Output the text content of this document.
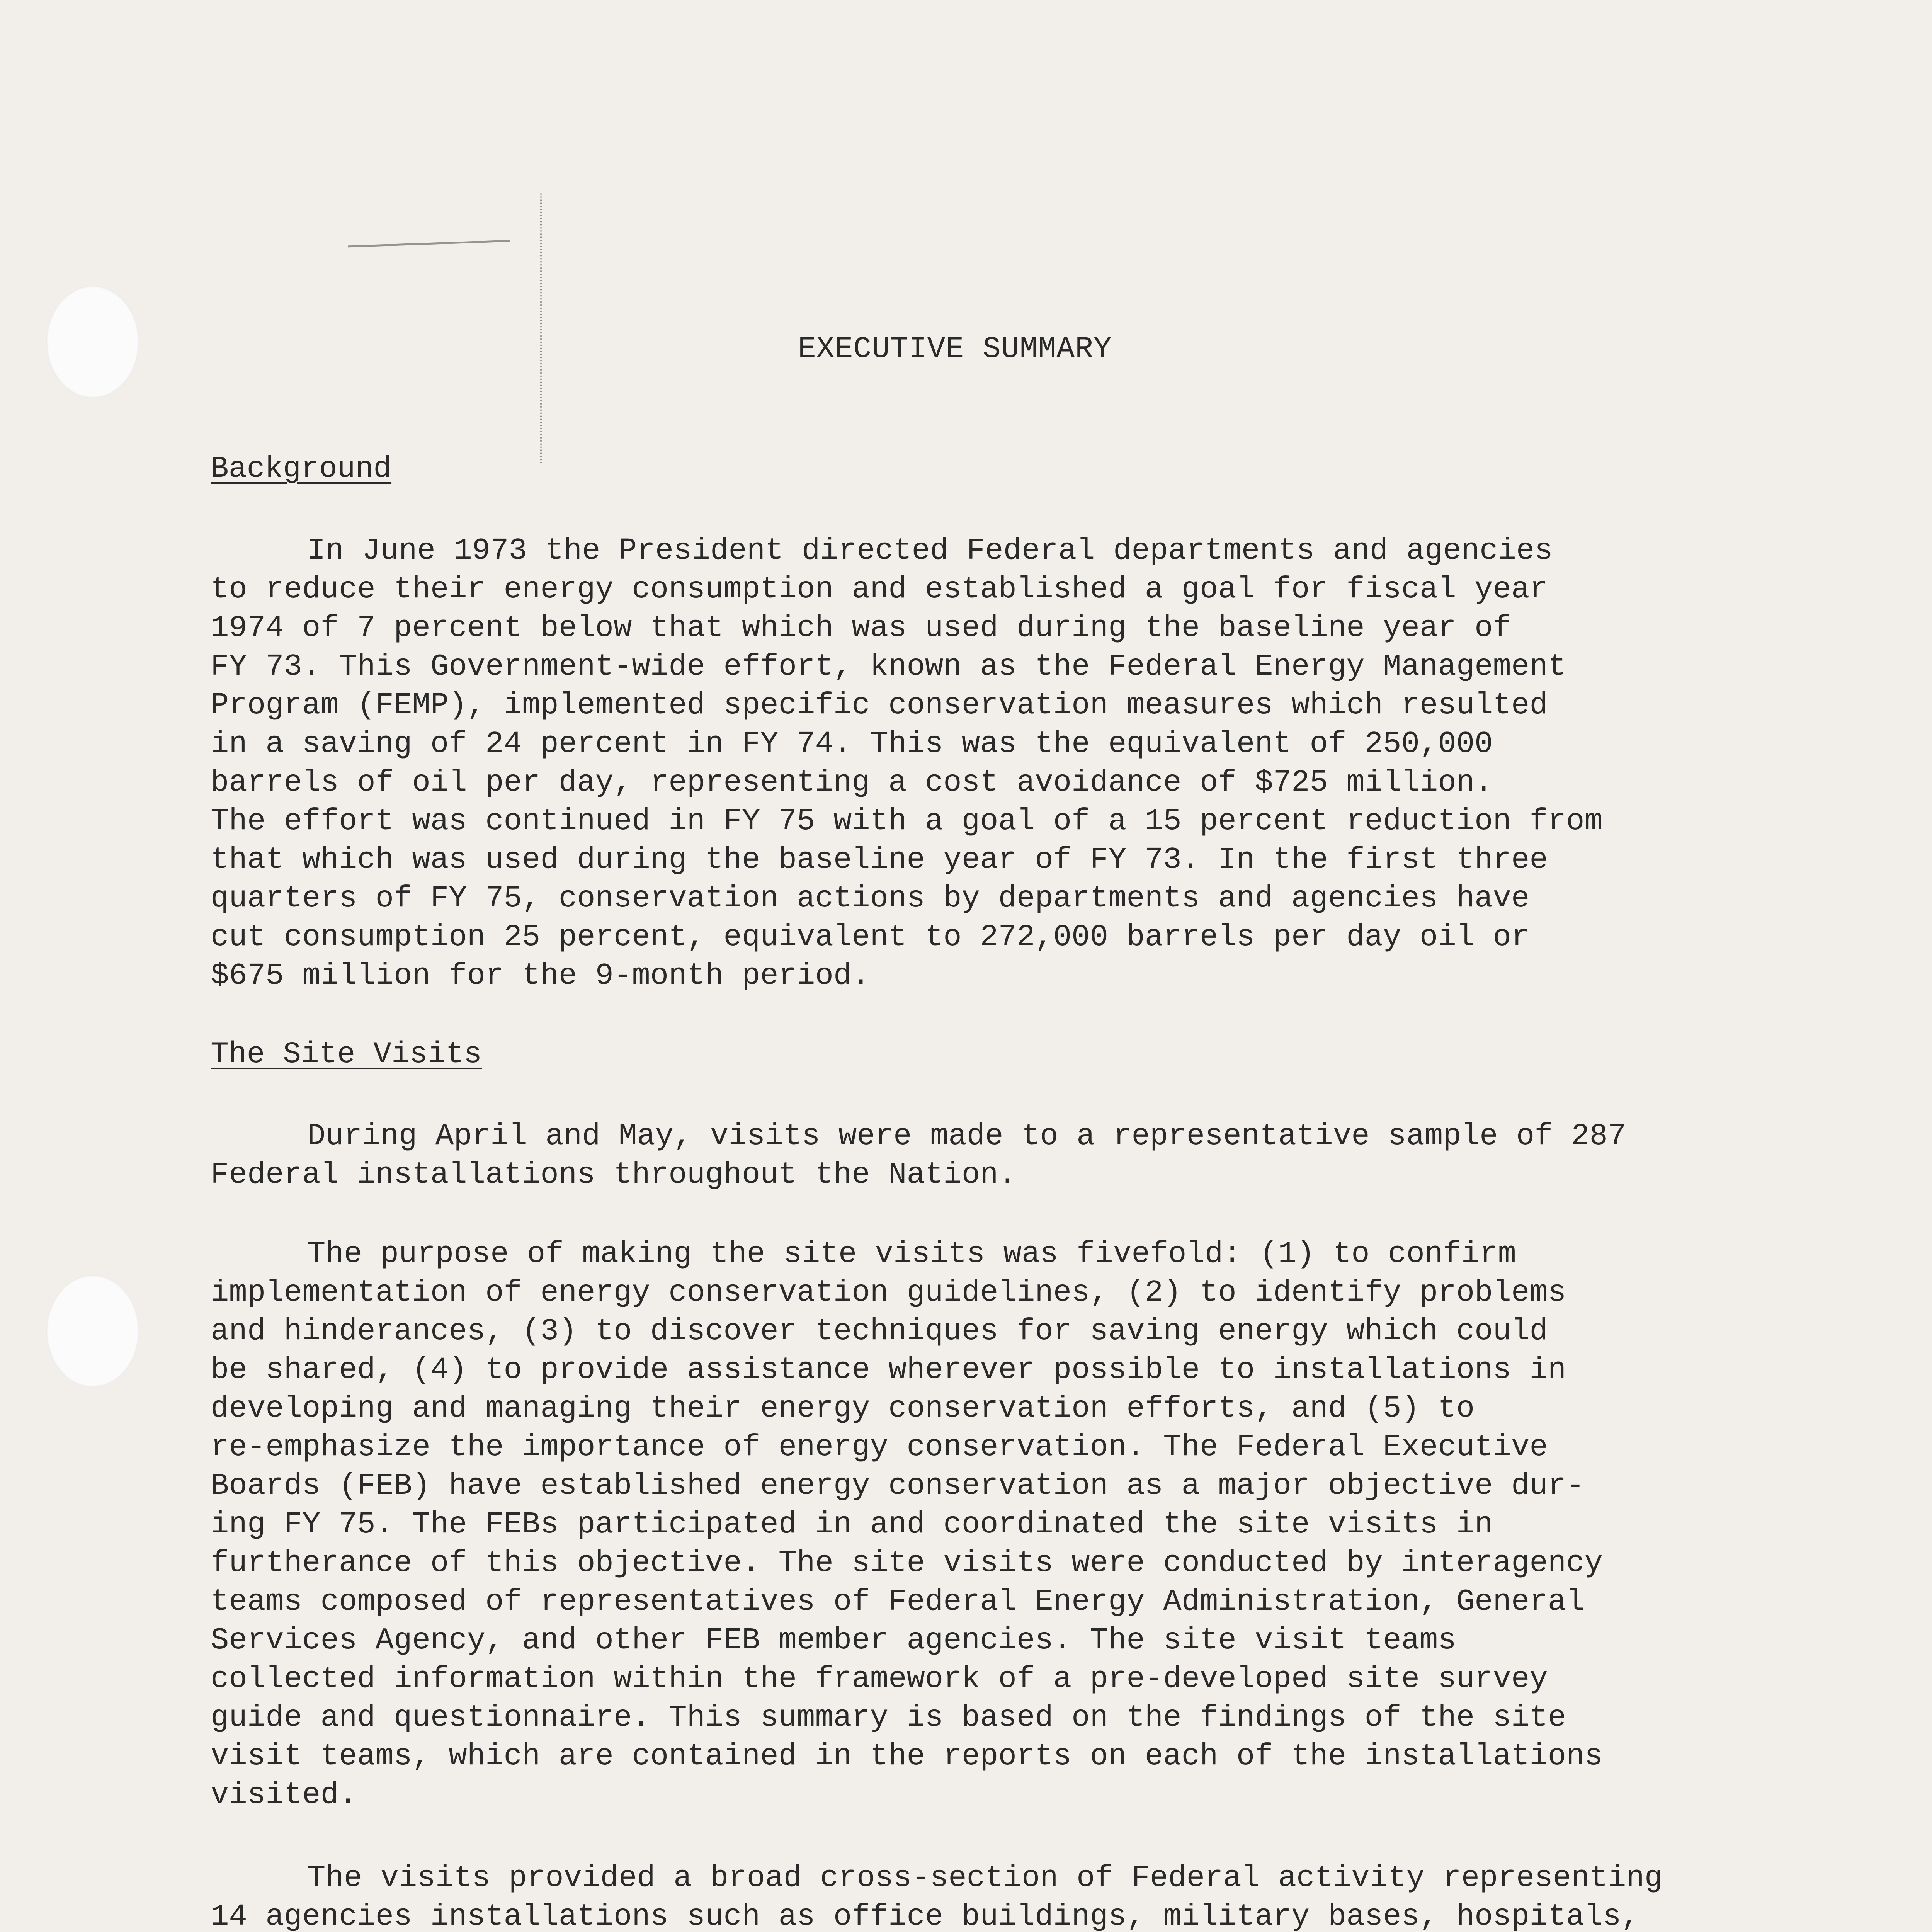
EXECUTIVE SUMMARY
Background

In June 1973 the President directed Federal departments and agencies
to reduce their energy consumption and established a goal for fiscal year
1974 of 7 percent below that which was used during the baseline year of
FY 73. This Government-wide effort, known as the Federal Energy Management
Program (FEMP), implemented specific conservation measures which resulted
in a saving of 24 percent in FY 74. This was the equivalent of 250,000
barrels of oil per day, representing a cost avoidance of $725 million.
The effort was continued in FY 75 with a goal of a 15 percent reduction from
that which was used during the baseline year of FY 73. In the first three
quarters of FY 75, conservation actions by departments and agencies have
cut consumption 25 percent, equivalent to 272,000 barrels per day oil or
$675 million for the 9-month period.

The Site Visits

During April and May, visits were made to a representative sample of 287
Federal installations throughout the Nation.

The purpose of making the site visits was fivefold: (1) to confirm
implementation of energy conservation guidelines, (2) to identify problems
and hinderances, (3) to discover techniques for saving energy which could
be shared, (4) to provide assistance wherever possible to installations in
developing and managing their energy conservation efforts, and (5) to
re-emphasize the importance of energy conservation. The Federal Executive
Boards (FEB) have established energy conservation as a major objective dur-
ing FY 75. The FEBs participated in and coordinated the site visits in
furtherance of this objective. The site visits were conducted by interagency
teams composed of representatives of Federal Energy Administration, General
Services Agency, and other FEB member agencies. The site visit teams
collected information within the framework of a pre-developed site survey
guide and questionnaire. This summary is based on the findings of the site
visit teams, which are contained in the reports on each of the installations
visited.

The visits provided a broad cross-section of Federal activity representing
14 agencies installations such as office buildings, military bases, hospitals,
